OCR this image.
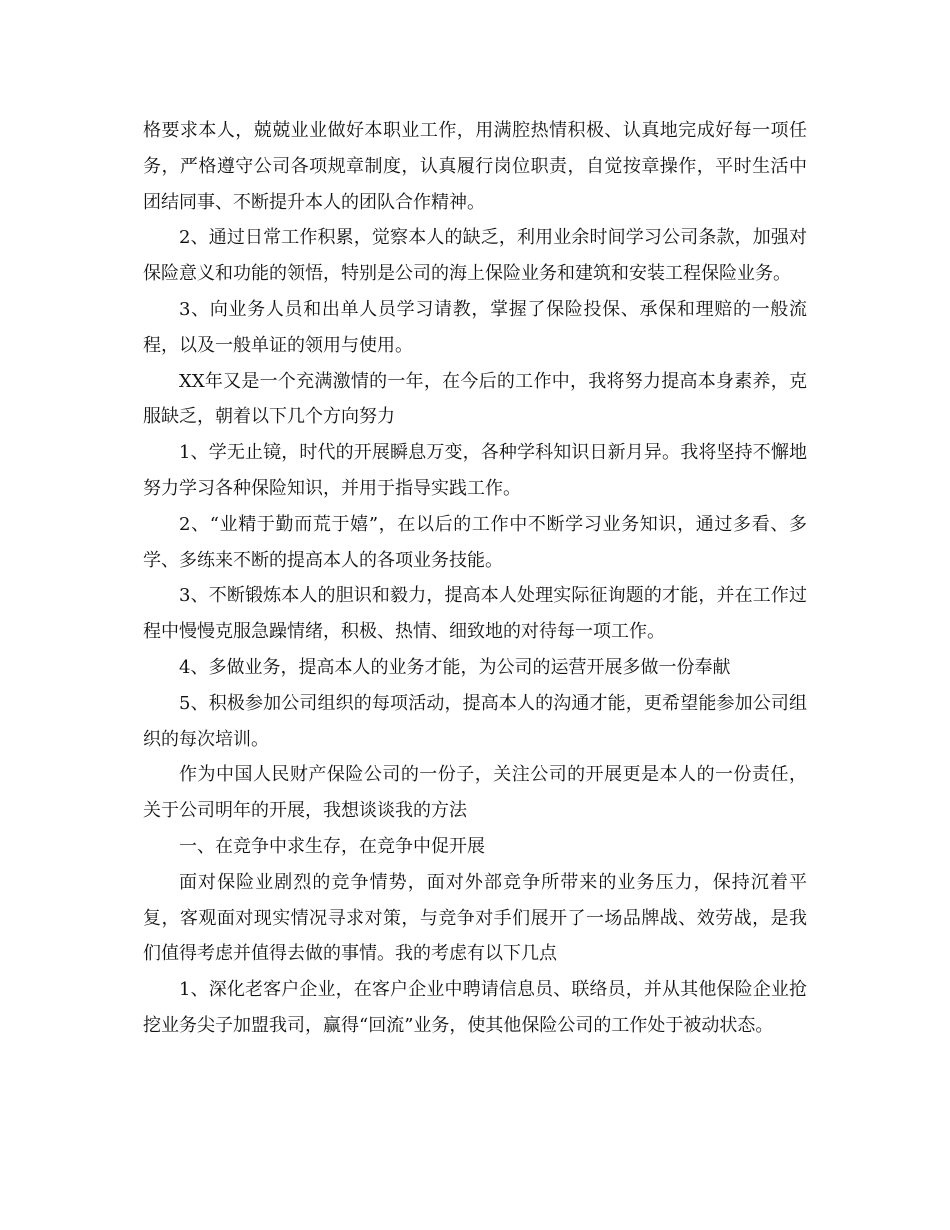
格要求本人，兢兢业业做好本职业工作，用满腔热情积极、认真地完成好每一项任务，严格遵守公司各项规章制度，认真履行岗位职责，自觉按章操作，平时生活中团结同事、不断提升本人的团队合作精神。

2、通过日常工作积累，觉察本人的缺乏，利用业余时间学习公司条款，加强对保险意义和功能的领悟，特别是公司的海上保险业务和建筑和安装工程保险业务。

3、向业务人员和出单人员学习请教，掌握了保险投保、承保和理赔的一般流程，以及一般单证的领用与使用。

XX年又是一个充满激情的一年，在今后的工作中，我将努力提高本身素养，克服缺乏，朝着以下几个方向努力

1、学无止镜，时代的开展瞬息万变，各种学科知识日新月异。我将坚持不懈地努力学习各种保险知识，并用于指导实践工作。

2、“业精于勤而荒于嬉”，在以后的工作中不断学习业务知识，通过多看、多学、多练来不断的提高本人的各项业务技能。

3、不断锻炼本人的胆识和毅力，提高本人处理实际征询题的才能，并在工作过程中慢慢克服急躁情绪，积极、热情、细致地的对待每一项工作。

4、多做业务，提高本人的业务才能，为公司的运营开展多做一份奉献

5、积极参加公司组织的每项活动，提高本人的沟通才能，更希望能参加公司组织的每次培训。

作为中国人民财产保险公司的一份子，关注公司的开展更是本人的一份责任，关于公司明年的开展，我想谈谈我的方法

一、在竞争中求生存，在竞争中促开展

面对保险业剧烈的竞争情势，面对外部竞争所带来的业务压力，保持沉着平复，客观面对现实情况寻求对策，与竞争对手们展开了一场品牌战、效劳战，是我们值得考虑并值得去做的事情。我的考虑有以下几点

1、深化老客户企业，在客户企业中聘请信息员、联络员，并从其他保险企业抢挖业务尖子加盟我司，赢得“回流”业务，使其他保险公司的工作处于被动状态。
